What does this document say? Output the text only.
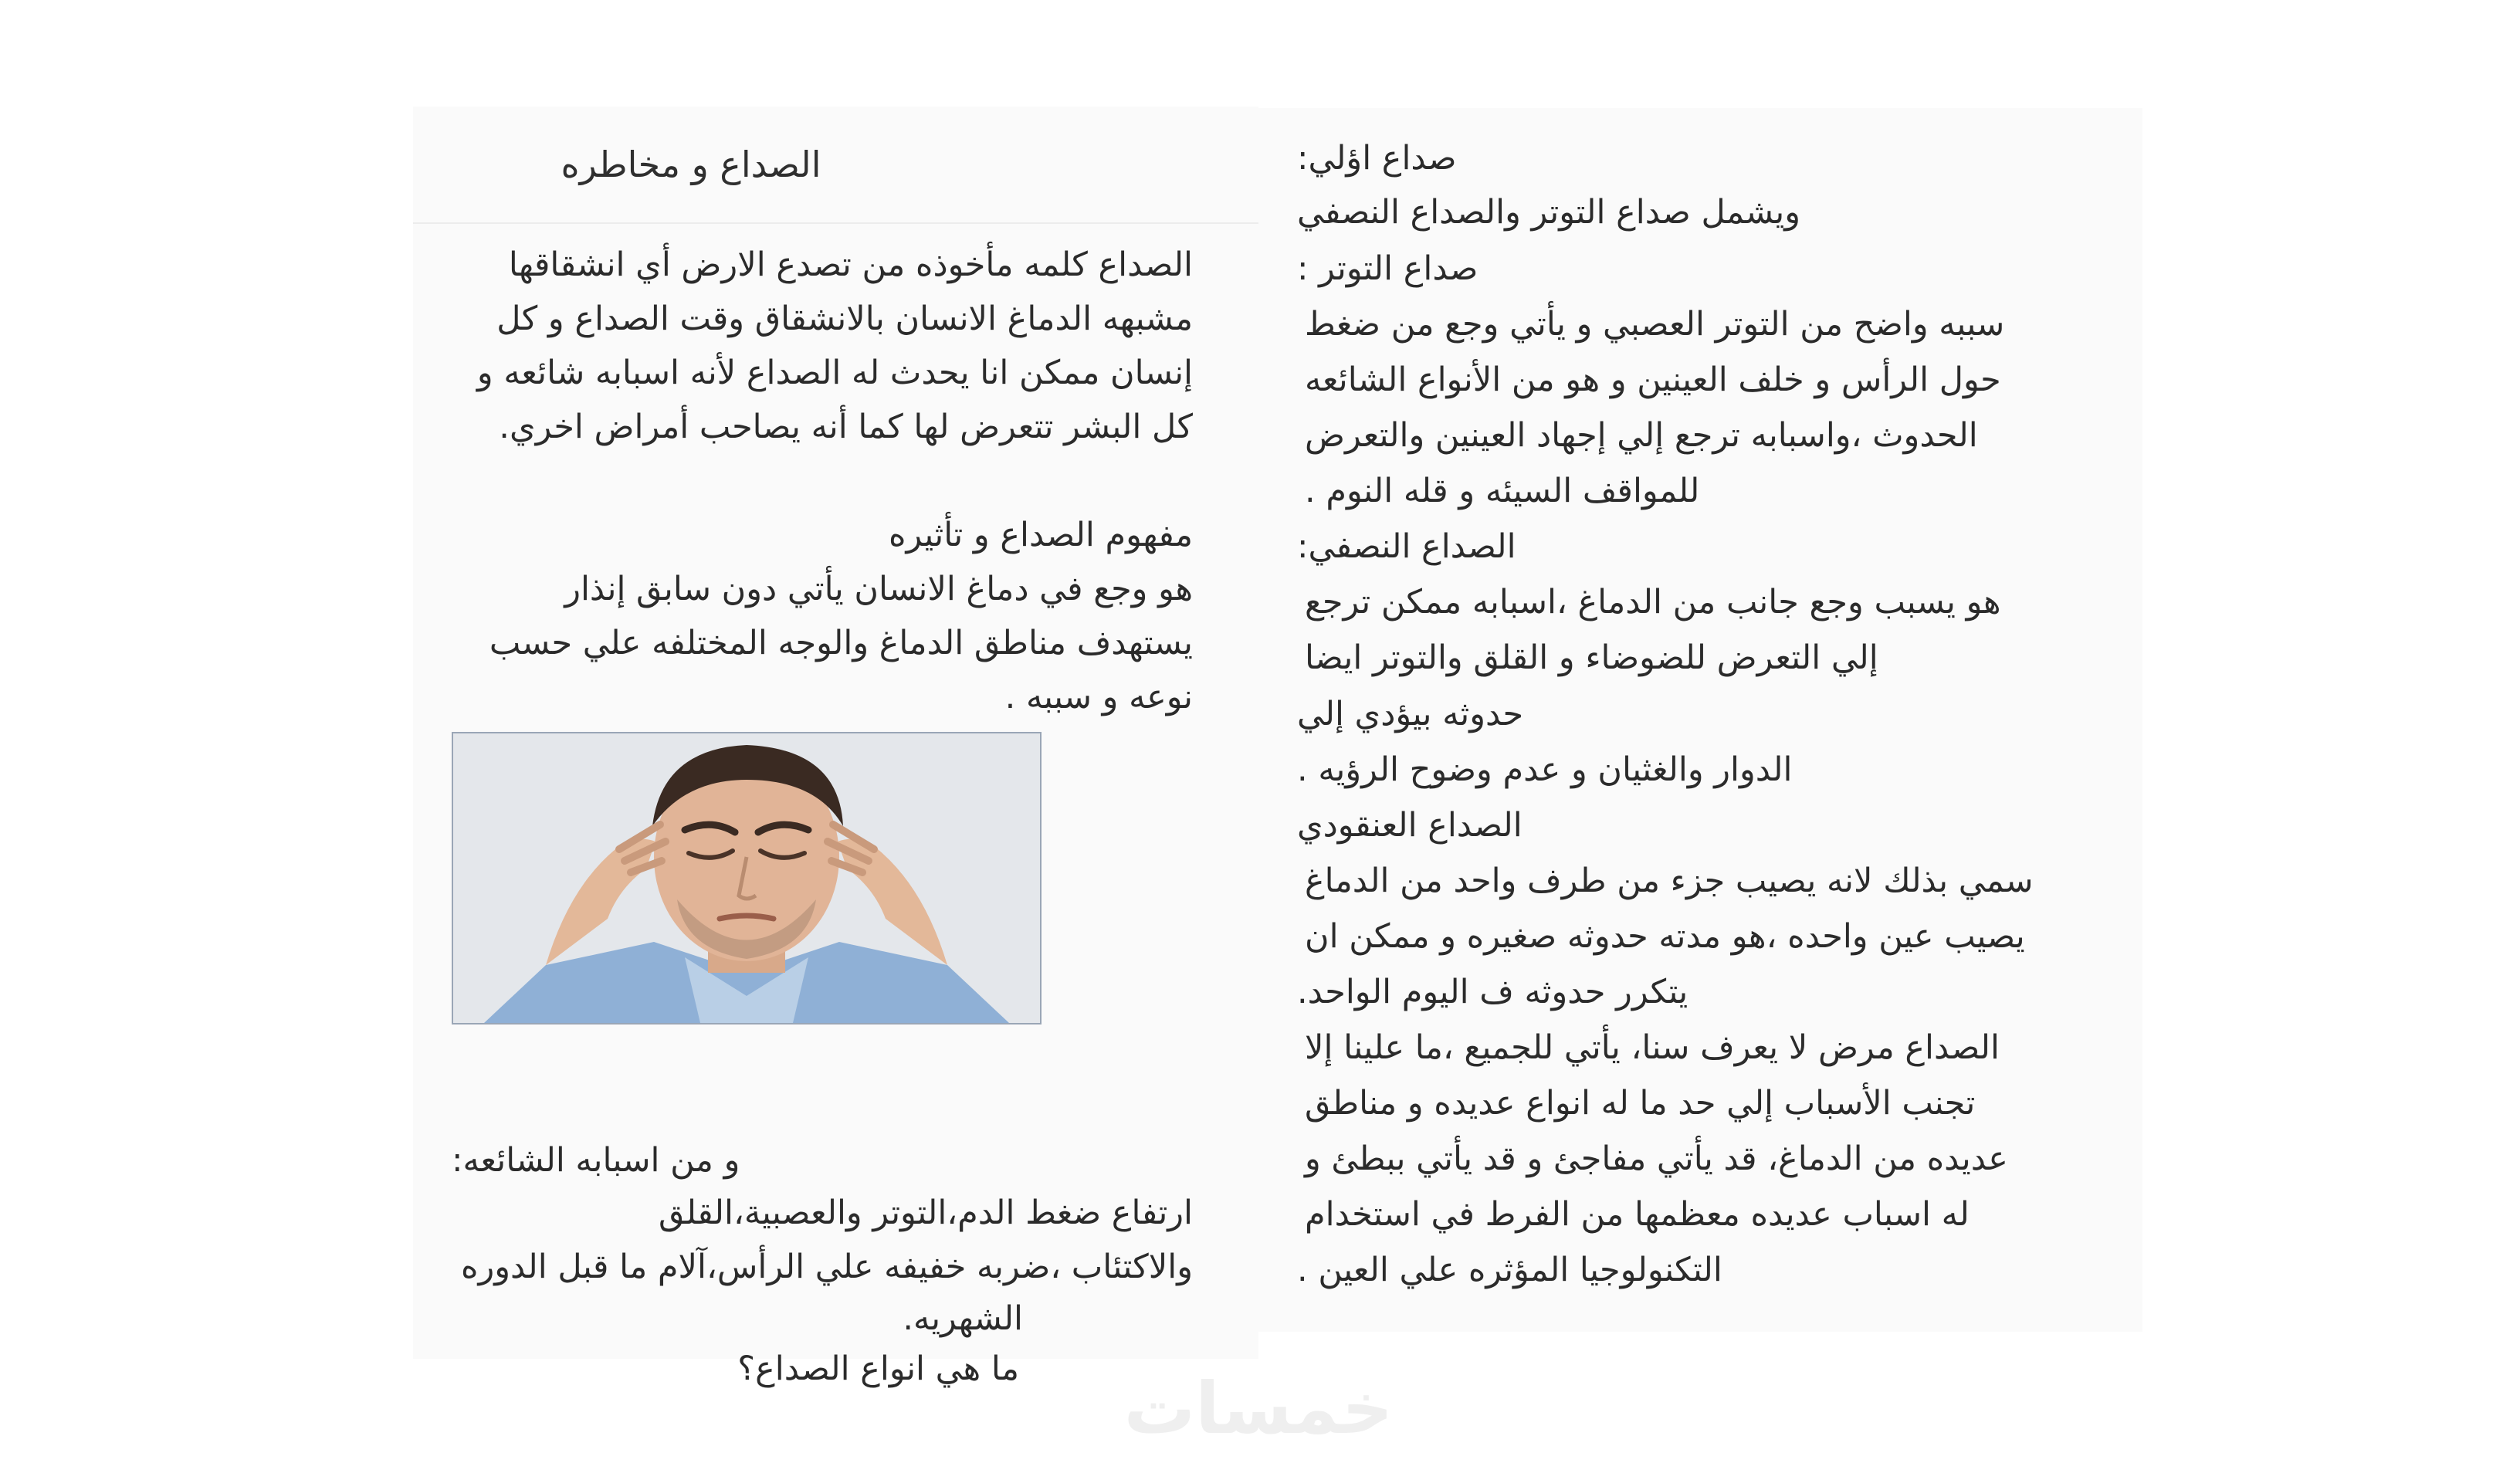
الصداع و مخاطره
الصداع كلمه مأخوذه من تصدع الارض أي انشقاقها
مشبهه الدماغ الانسان بالانشقاق وقت الصداع و كل
إنسان ممكن انا يحدث له الصداع لأنه اسبابه شائعه و
كل البشر تتعرض لها كما أنه يصاحب أمراض اخري.
مفهوم الصداع و تأثيره
هو وجع في دماغ الانسان يأتي دون سابق إنذار
يستهدف مناطق الدماغ والوجه المختلفه علي حسب
نوعه و سببه .
و من اسبابه الشائعه:
ارتفاع ضغط الدم،التوتر والعصبية،القلق
والاكتئاب ،ضربه خفيفه علي الرأس،آلام ما قبل الدوره
الشهريه.
ما هي انواع الصداع؟
صداع اؤلي:
ويشمل صداع التوتر والصداع النصفي
صداع التوتر :
سببه واضح من التوتر العصبي و يأتي وجع من ضغط
حول الرأس و خلف العينين و هو من الأنواع الشائعه
الحدوث ،واسبابه ترجع إلي إجهاد العينين والتعرض
للمواقف السيئه و قله النوم .
الصداع النصفي:
هو يسبب وجع جانب من الدماغ ،اسبابه ممكن ترجع
إلي التعرض للضوضاء و القلق والتوتر ايضا
حدوثه بيؤدي إلي
الدوار والغثيان و عدم وضوح الرؤيه .
الصداع العنقودي
سمي بذلك لانه يصيب جزء من طرف واحد من الدماغ
يصيب عين واحده ،هو مدته حدوثه صغيره و ممكن ان
يتكرر حدوثه ف اليوم الواحد.
الصداع مرض لا يعرف سنا، يأتي للجميع ،ما علينا إلا
تجنب الأسباب إلي حد ما له انواع عديده و مناطق
عديده من الدماغ، قد يأتي مفاجئ و قد يأتي ببطئ و
له اسباب عديده معظمها من الفرط في استخدام
التكنولوجيا المؤثره علي العين .
خمسات
